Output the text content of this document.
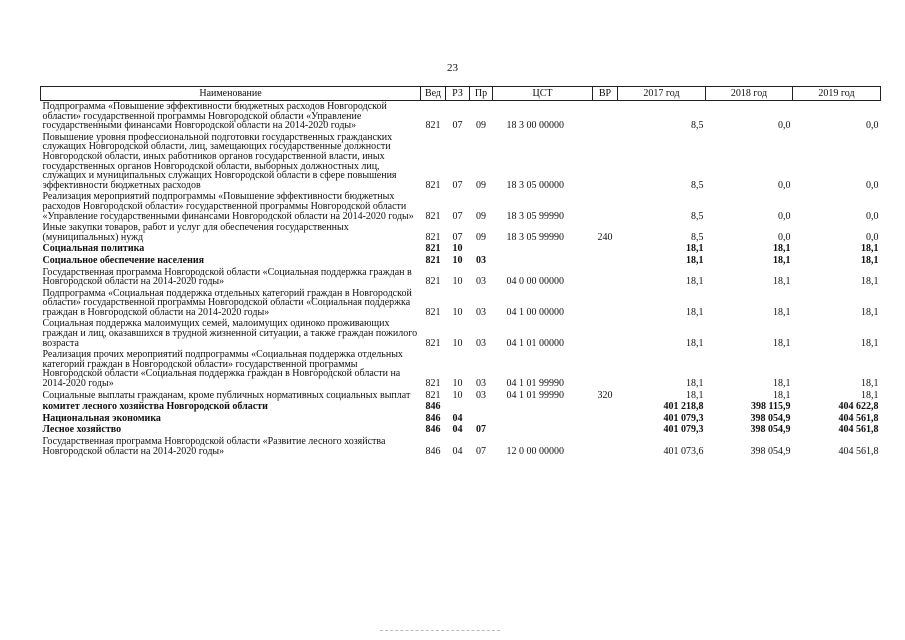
23
Наименование	Вед	РЗ	Пр	ЦСТ	ВР	2017 год	2018 год	2019 год
Подпрограмма «Повышение эффективности бюджетных расходов Новгородской области» государственной программы Новгородской области «Управление государственными финансами Новгородской области на 2014-2020 годы»	821	07	09	18 3 00 00000		8,5	0,0	0,0
Повышение уровня профессиональной подготовки государственных гражданских служащих Новгородской области, лиц, замещающих государственные должности Новгородской области, иных работников органов государственной власти, иных государственных органов Новгородской области, выборных должностных лиц, служащих и муниципальных служащих Новгородской области в сфере повышения эффективности бюджетных расходов	821	07	09	18 3 05 00000		8,5	0,0	0,0
Реализация мероприятий подпрограммы «Повышение эффективности бюджетных расходов Новгородской области» государственной программы Новгородской области «Управление государственными финансами Новгородской области на 2014-2020 годы»	821	07	09	18 3 05 99990		8,5	0,0	0,0
Иные закупки товаров, работ и услуг для обеспечения государственных (муниципальных) нужд	821	07	09	18 3 05 99990	240	8,5	0,0	0,0
Социальная политика	821	10				18,1	18,1	18,1
Социальное обеспечение населения	821	10	03			18,1	18,1	18,1
Государственная программа Новгородской области «Социальная поддержка граждан в Новгородской области на 2014-2020 годы»	821	10	03	04 0 00 00000		18,1	18,1	18,1
Подпрограмма «Социальная поддержка отдельных категорий граждан в Новгородской области» государственной программы Новгородской области «Социальная поддержка граждан в Новгородской области на 2014-2020 годы»	821	10	03	04 1 00 00000		18,1	18,1	18,1
Социальная поддержка малоимущих семей, малоимущих одиноко проживающих граждан и лиц, оказавшихся в трудной жизненной ситуации, а также граждан пожилого возраста	821	10	03	04 1 01 00000		18,1	18,1	18,1
Реализация прочих мероприятий подпрограммы «Социальная поддержка отдельных категорий граждан в Новгородской области» государственной программы Новгородской области «Социальная поддержка граждан в Новгородской области на 2014-2020 годы»	821	10	03	04 1 01 99990		18,1	18,1	18,1
Социальные выплаты гражданам, кроме публичных нормативных социальных выплат	821	10	03	04 1 01 99990	320	18,1	18,1	18,1
комитет лесного хозяйства Новгородской области	846					401 218,8	398 115,9	404 622,8
Национальная экономика	846	04				401 079,3	398 054,9	404 561,8
Лесное хозяйство	846	04	07			401 079,3	398 054,9	404 561,8
Государственная программа Новгородской области «Развитие лесного хозяйства Новгородской области на 2014-2020 годы»	846	04	07	12 0 00 00000		401 073,6	398 054,9	404 561,8
